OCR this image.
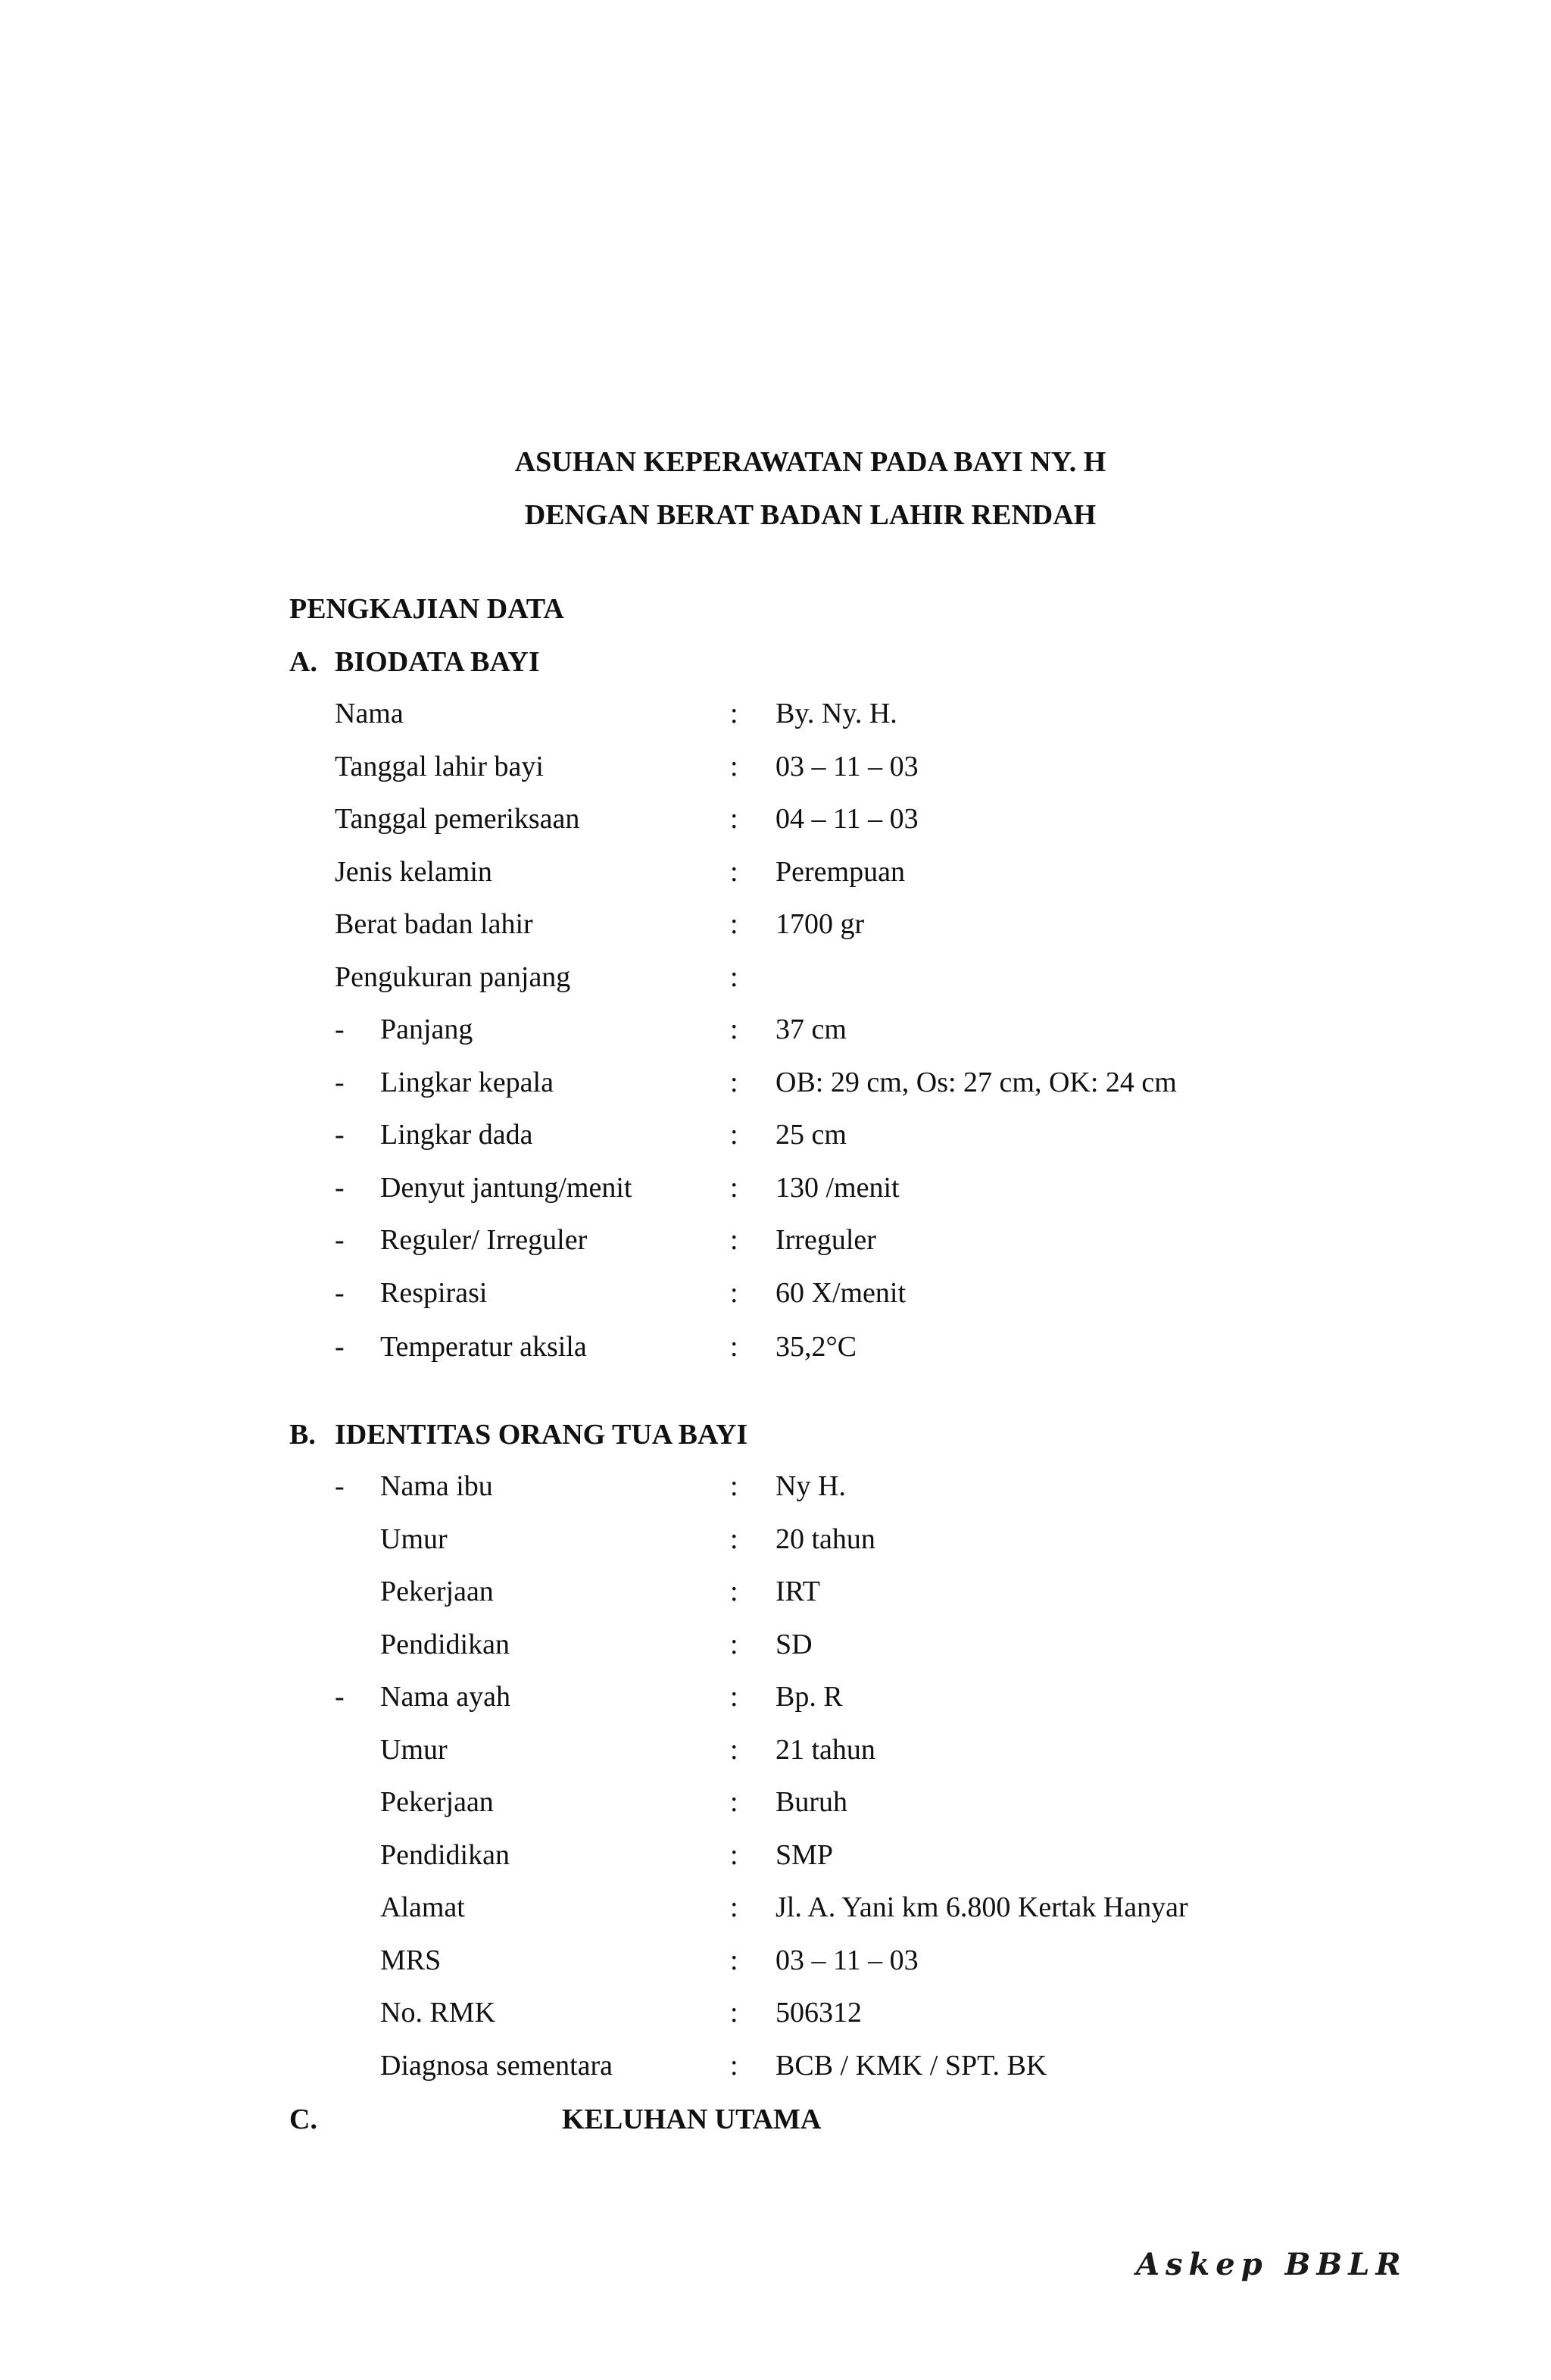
ASUHAN KEPERAWATAN PADA BAYI NY. H
DENGAN BERAT BADAN LAHIR RENDAH
PENGKAJIAN DATA
A. BIODATA BAYI
Nama	: By. Ny. H.
Tanggal lahir bayi	: 03 – 11 – 03
Tanggal pemeriksaan	: 04 – 11 – 03
Jenis kelamin	: Perempuan
Berat badan lahir	: 1700 gr
Pengukuran panjang	:
- Panjang	: 37 cm
- Lingkar kepala	: OB: 29 cm, Os: 27 cm, OK: 24 cm
- Lingkar dada	: 25 cm
- Denyut jantung/menit	: 130 /menit
- Reguler/ Irreguler	: Irreguler
- Respirasi	: 60 X/menit
- Temperatur aksila	: 35,2°C
B. IDENTITAS ORANG TUA BAYI
- Nama ibu	: Ny H.
Umur	: 20 tahun
Pekerjaan	: IRT
Pendidikan	: SD
- Nama ayah	: Bp. R
Umur	: 21 tahun
Pekerjaan	: Buruh
Pendidikan	: SMP
Alamat	: Jl. A. Yani km 6.800 Kertak Hanyar
MRS	: 03 – 11 – 03
No. RMK	: 506312
Diagnosa sementara	: BCB / KMK / SPT. BK
C.	KELUHAN UTAMA
Askep BBLR
